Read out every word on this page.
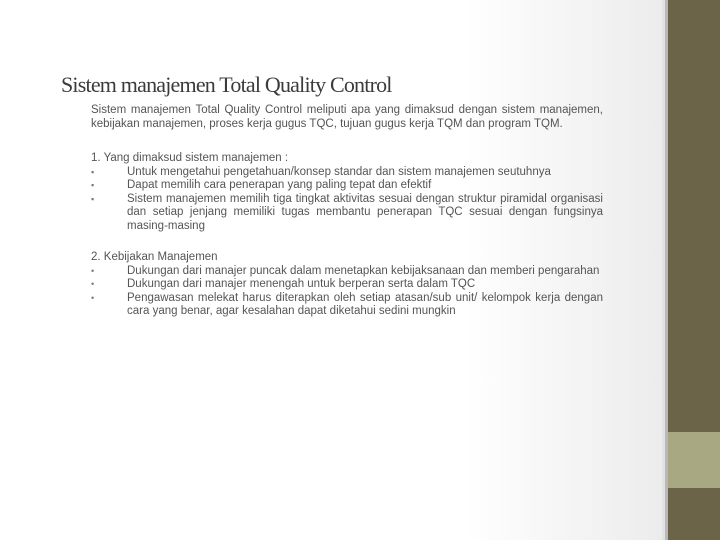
Sistem manajemen Total Quality Control

Sistem manajemen Total Quality Control meliputi apa yang dimaksud dengan sistem manajemen, kebijakan manajemen, proses kerja gugus TQC, tujuan gugus kerja TQM dan program TQM.

1. Yang dimaksud sistem manajemen :

▪	Untuk mengetahui pengetahuan/konsep standar dan sistem manajemen seutuhnya
▪	Dapat memilih cara penerapan yang paling tepat dan efektif
▪	Sistem manajemen memilih tiga tingkat aktivitas sesuai dengan struktur piramidal organisasi dan setiap jenjang memiliki tugas membantu penerapan TQC sesuai dengan fungsinya masing-masing

2. Kebijakan Manajemen

•	Dukungan dari manajer puncak dalam menetapkan kebijaksanaan dan memberi pengarahan
•	Dukungan dari manajer menengah untuk berperan serta dalam TQC
•	Pengawasan melekat harus diterapkan oleh setiap atasan/sub unit/ kelompok kerja dengan cara yang benar, agar kesalahan dapat diketahui sedini mungkin
